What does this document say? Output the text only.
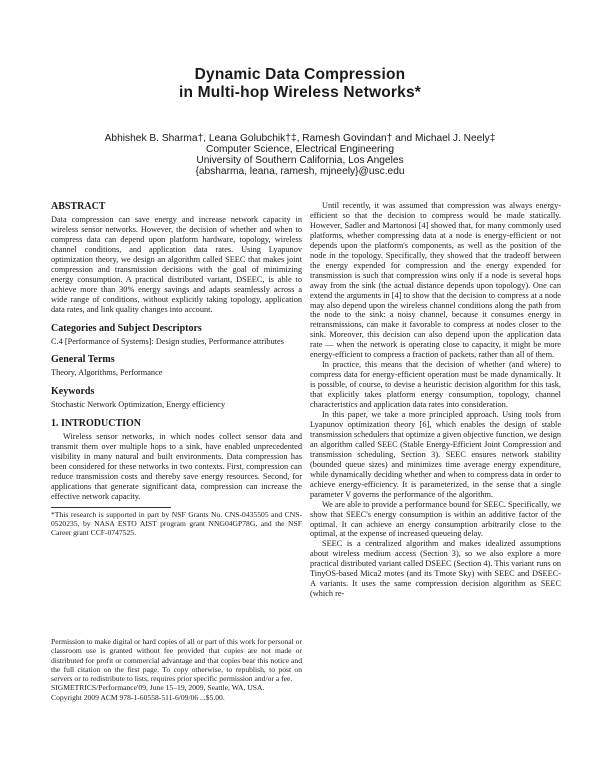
Dynamic Data Compression
in Multi-hop Wireless Networks*
Abhishek B. Sharma†, Leana Golubchik†‡, Ramesh Govindan† and Michael J. Neely‡
Computer Science, Electrical Engineering
University of Southern California, Los Angeles
{absharma, leana, ramesh, mjneely}@usc.edu
ABSTRACT

Data compression can save energy and increase network capacity in wireless sensor networks. However, the decision of whether and when to compress data can depend upon platform hardware, topology, wireless channel conditions, and application data rates. Using Lyapunov optimization theory, we design an algorithm called SEEC that makes joint compression and transmission decisions with the goal of minimizing energy consumption. A practical distributed variant, DSEEC, is able to achieve more than 30% energy savings and adapts seamlessly across a wide range of conditions, without explicitly taking topology, application data rates, and link quality changes into account.

Categories and Subject Descriptors

C.4 [Performance of Systems]: Design studies, Performance attributes

General Terms

Theory, Algorithms, Performance

Keywords

Stochastic Network Optimization, Energy efficiency

1. INTRODUCTION

Wireless sensor networks, in which nodes collect sensor data and transmit them over multiple hops to a sink, have enabled unprecedented visibility in many natural and built environments. Data compression has been considered for these networks in two contexts. First, compression can reduce transmission costs and thereby save energy resources. Second, for applications that generate significant data, compression can increase the effective network capacity.

*This research is supported in part by NSF Grants No. CNS-0435505 and CNS-0520235, by NASA ESTO AIST program grant NNG04GP78G, and the NSF Career grant CCF-0747525.

Permission to make digital or hard copies of all or part of this work for personal or classroom use is granted without fee provided that copies are not made or distributed for profit or commercial advantage and that copies bear this notice and the full citation on the first page. To copy otherwise, to republish, to post on servers or to redistribute to lists, requires prior specific permission and/or a fee.

SIGMETRICS/Performance'09, June 15–19, 2009, Seattle, WA, USA.

Copyright 2009 ACM 978-1-60558-511-6/09/06 ...$5.00.

Until recently, it was assumed that compression was always energy-efficient so that the decision to compress would be made statically. However, Sadler and Martonosi [4] showed that, for many commonly used platforms, whether compressing data at a node is energy-efficient or not depends upon the platform's components, as well as the position of the node in the topology. Specifically, they showed that the tradeoff between the energy expended for compression and the energy expended for transmission is such that compression wins only if a node is several hops away from the sink (the actual distance depends upon topology). One can extend the arguments in [4] to show that the decision to compress at a node may also depend upon the wireless channel conditions along the path from the node to the sink: a noisy channel, because it consumes energy in retransmissions, can make it favorable to compress at nodes closer to the sink. Moreover, this decision can also depend upon the application data rate — when the network is operating close to capacity, it might be more energy-efficient to compress a fraction of packets, rather than all of them.

In practice, this means that the decision of whether (and where) to compress data for energy-efficient operation must be made dynamically. It is possible, of course, to devise a heuristic decision algorithm for this task, that explicitly takes platform energy consumption, topology, channel characteristics and application data rates into consideration.

In this paper, we take a more principled approach. Using tools from Lyapunov optimization theory [6], which enables the design of stable transmission schedulers that optimize a given objective function, we design an algorithm called SEEC (Stable Energy-Efficient Joint Compression and transmission scheduling, Section 3). SEEC ensures network stability (bounded queue sizes) and minimizes time average energy expenditure, while dynamically deciding whether and when to compress data in order to achieve energy-efficiency. It is parameterized, in the sense that a single parameter V governs the performance of the algorithm.

We are able to provide a performance bound for SEEC. Specifically, we show that SEEC's energy consumption is within an additive factor of the optimal. It can achieve an energy consumption arbitrarily close to the optimal, at the expense of increased queueing delay.

SEEC is a centralized algorithm and makes idealized assumptions about wireless medium access (Section 3), so we also explore a more practical distributed variant called DSEEC (Section 4). This variant runs on TinyOS-based Mica2 motes (and its Tmote Sky) with SEEC and DSEEC-A variants. It uses the same compression decision algorithm as SEEC (which re-
